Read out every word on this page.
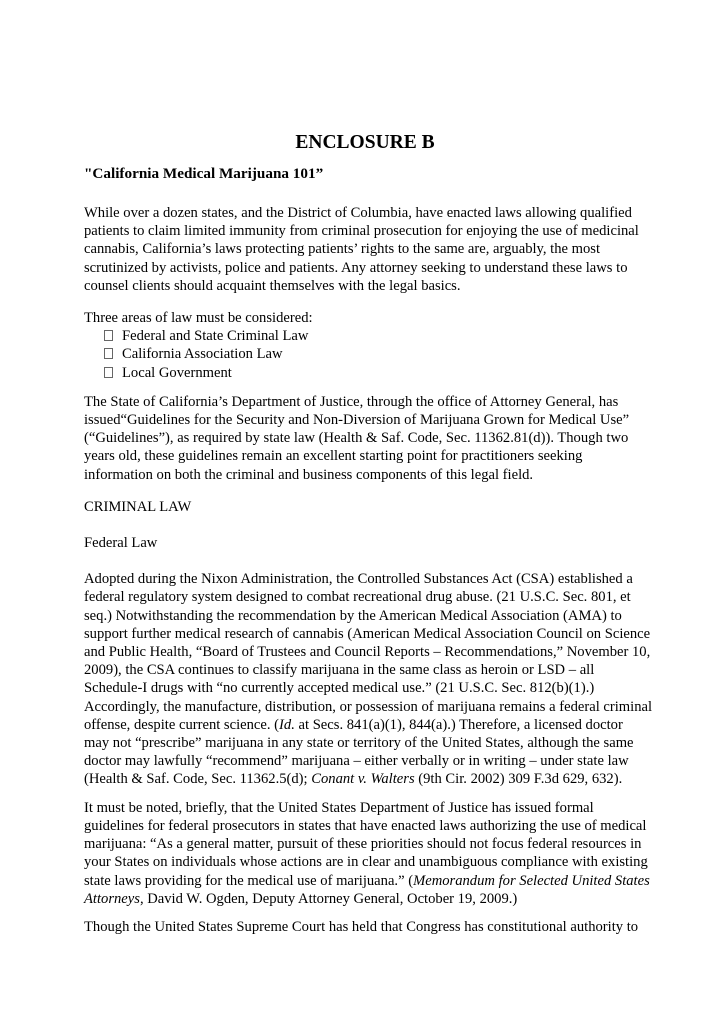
ENCLOSURE B
"California Medical Marijuana 101”

While over a dozen states, and the District of Columbia, have enacted laws allowing qualified
patients to claim limited immunity from criminal prosecution for enjoying the use of medicinal
cannabis, California’s laws protecting patients’ rights to the same are, arguably, the most
scrutinized by activists, police and patients. Any attorney seeking to understand these laws to
counsel clients should acquaint themselves with the legal basics.

Three areas of law must be considered:
Federal and State Criminal Law
California Association Law
Local Government

The State of California’s Department of Justice, through the office of Attorney General, has
issued“Guidelines for the Security and Non-Diversion of Marijuana Grown for Medical Use”
(“Guidelines”), as required by state law (Health & Saf. Code, Sec. 11362.81(d)). Though two
years old, these guidelines remain an excellent starting point for practitioners seeking
information on both the criminal and business components of this legal field.

CRIMINAL LAW
Federal Law

Adopted during the Nixon Administration, the Controlled Substances Act (CSA) established a
federal regulatory system designed to combat recreational drug abuse. (21 U.S.C. Sec. 801, et
seq.) Notwithstanding the recommendation by the American Medical Association (AMA) to
support further medical research of cannabis (American Medical Association Council on Science
and Public Health, “Board of Trustees and Council Reports – Recommendations,” November 10,
2009), the CSA continues to classify marijuana in the same class as heroin or LSD – all
Schedule-I drugs with “no currently accepted medical use.” (21 U.S.C. Sec. 812(b)(1).)
Accordingly, the manufacture, distribution, or possession of marijuana remains a federal criminal
offense, despite current science. (Id. at Secs. 841(a)(1), 844(a).) Therefore, a licensed doctor
may not “prescribe” marijuana in any state or territory of the United States, although the same
doctor may lawfully “recommend” marijuana – either verbally or in writing – under state law
(Health & Saf. Code, Sec. 11362.5(d); Conant v. Walters (9th Cir. 2002) 309 F.3d 629, 632).

It must be noted, briefly, that the United States Department of Justice has issued formal
guidelines for federal prosecutors in states that have enacted laws authorizing the use of medical
marijuana: “As a general matter, pursuit of these priorities should not focus federal resources in
your States on individuals whose actions are in clear and unambiguous compliance with existing
state laws providing for the medical use of marijuana.” (Memorandum for Selected United States
Attorneys, David W. Ogden, Deputy Attorney General, October 19, 2009.)

Though the United States Supreme Court has held that Congress has constitutional authority to
